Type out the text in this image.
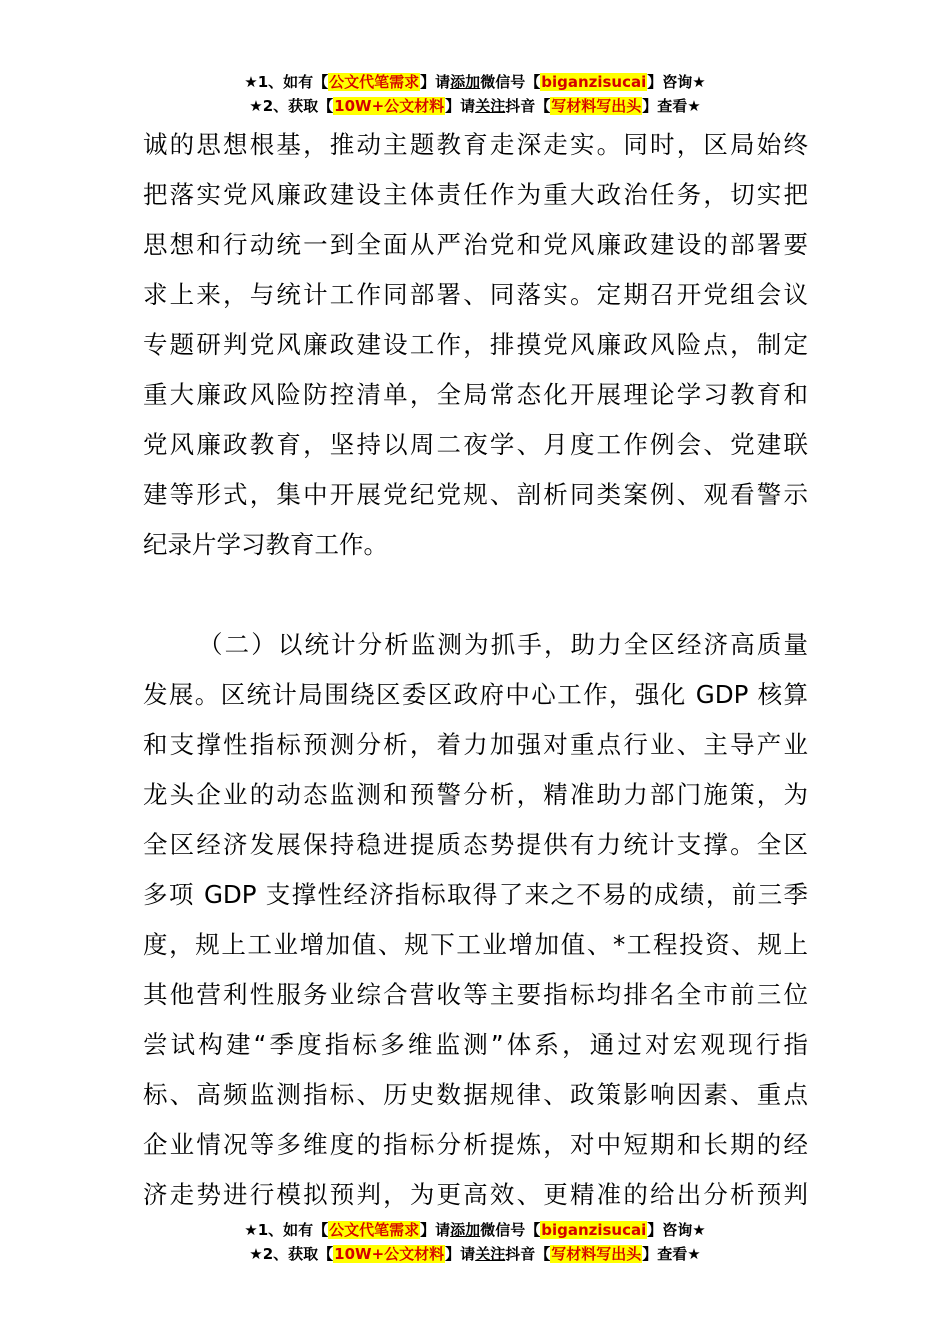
★1、如有【公文代笔需求】请添加微信号【biganzisucai】咨询★
★2、获取【10W+公文材料】请关注抖音【写材料写出头】查看★
诚的思想根基，推动主题教育走深走实。同时，区局始终
把落实党风廉政建设主体责任作为重大政治任务，切实把
思想和行动统一到全面从严治党和党风廉政建设的部署要
求上来，与统计工作同部署、同落实。定期召开党组会议
专题研判党风廉政建设工作，排摸党风廉政风险点，制定
重大廉政风险防控清单，全局常态化开展理论学习教育和
党风廉政教育，坚持以周二夜学、月度工作例会、党建联
建等形式，集中开展党纪党规、剖析同类案例、观看警示
纪录片学习教育工作。
（二）以统计分析监测为抓手，助力全区经济高质量
发展。区统计局围绕区委区政府中心工作，强化 GDP 核算
和支撑性指标预测分析，着力加强对重点行业、主导产业
龙头企业的动态监测和预警分析，精准助力部门施策，为
全区经济发展保持稳进提质态势提供有力统计支撑。全区
多项 GDP 支撑性经济指标取得了来之不易的成绩，前三季
度，规上工业增加值、规下工业增加值、*工程投资、规上
其他营利性服务业综合营收等主要指标均排名全市前三位
尝试构建“季度指标多维监测”体系，通过对宏观现行指
标、高频监测指标、历史数据规律、政策影响因素、重点
企业情况等多维度的指标分析提炼，对中短期和长期的经
济走势进行模拟预判，为更高效、更精准的给出分析预判
★1、如有【公文代笔需求】请添加微信号【biganzisucai】咨询★
★2、获取【10W+公文材料】请关注抖音【写材料写出头】查看★
